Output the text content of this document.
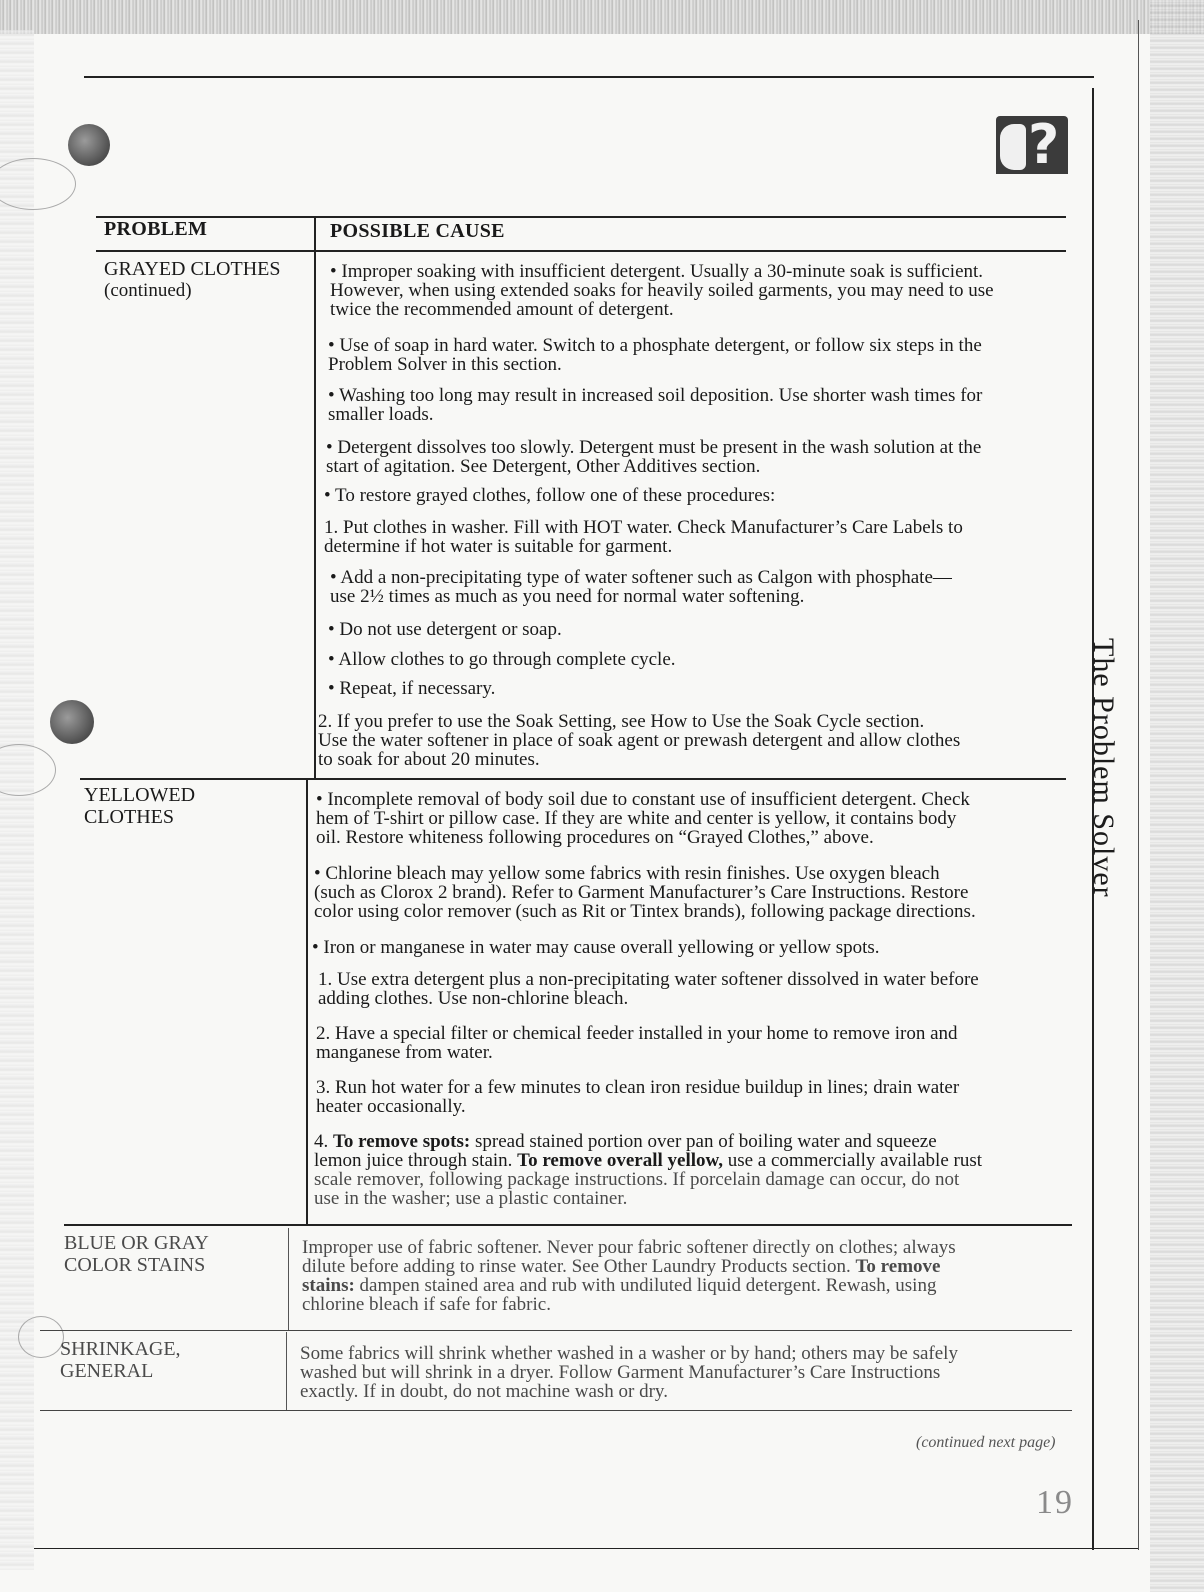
?
The Problem Solver
PROBLEM	POSSIBLE CAUSE
GRAYED CLOTHES
(continued)
• Improper soaking with insufficient detergent. Usually a 30-minute soak is sufficient.
However, when using extended soaks for heavily soiled garments, you may need to use
twice the recommended amount of detergent.
• Use of soap in hard water. Switch to a phosphate detergent, or follow six steps in the
Problem Solver in this section.
• Washing too long may result in increased soil deposition. Use shorter wash times for
smaller loads.
• Detergent dissolves too slowly. Detergent must be present in the wash solution at the
start of agitation. See Detergent, Other Additives section.
• To restore grayed clothes, follow one of these procedures:
1. Put clothes in washer. Fill with HOT water. Check Manufacturer’s Care Labels to
determine if hot water is suitable for garment.
• Add a non-precipitating type of water softener such as Calgon with phosphate—
use 2½ times as much as you need for normal water softening.
• Do not use detergent or soap.
• Allow clothes to go through complete cycle.
• Repeat, if necessary.
2. If you prefer to use the Soak Setting, see How to Use the Soak Cycle section.
Use the water softener in place of soak agent or prewash detergent and allow clothes
to soak for about 20 minutes.
YELLOWED
CLOTHES
• Incomplete removal of body soil due to constant use of insufficient detergent. Check
hem of T-shirt or pillow case. If they are white and center is yellow, it contains body
oil. Restore whiteness following procedures on “Grayed Clothes,” above.
• Chlorine bleach may yellow some fabrics with resin finishes. Use oxygen bleach
(such as Clorox 2 brand). Refer to Garment Manufacturer’s Care Instructions. Restore
color using color remover (such as Rit or Tintex brands), following package directions.
• Iron or manganese in water may cause overall yellowing or yellow spots.
1. Use extra detergent plus a non-precipitating water softener dissolved in water before
adding clothes. Use non-chlorine bleach.
2. Have a special filter or chemical feeder installed in your home to remove iron and
manganese from water.
3. Run hot water for a few minutes to clean iron residue buildup in lines; drain water
heater occasionally.
4. To remove spots: spread stained portion over pan of boiling water and squeeze
lemon juice through stain. To remove overall yellow, use a commercially available rust
scale remover, following package instructions. If porcelain damage can occur, do not
use in the washer; use a plastic container.
BLUE OR GRAY
COLOR STAINS
Improper use of fabric softener. Never pour fabric softener directly on clothes; always
dilute before adding to rinse water. See Other Laundry Products section. To remove
stains: dampen stained area and rub with undiluted liquid detergent. Rewash, using
chlorine bleach if safe for fabric.
SHRINKAGE,
GENERAL
Some fabrics will shrink whether washed in a washer or by hand; others may be safely
washed but will shrink in a dryer. Follow Garment Manufacturer’s Care Instructions
exactly. If in doubt, do not machine wash or dry.
(continued next page)
19
